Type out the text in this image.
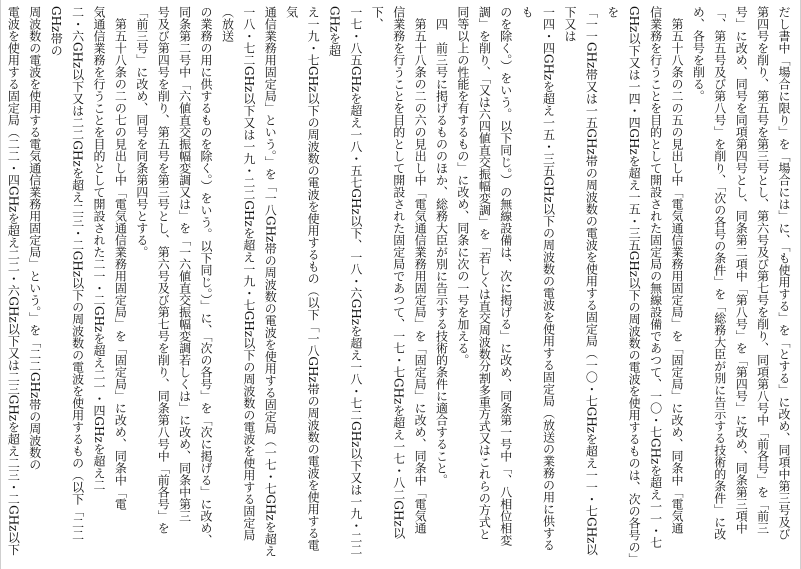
だし書中「場合に限り」を「場合には」に、「も使用する」を「とする」に改め、同項中第三号及び

第四号を削り、第五号を第三号とし、第六号及び第七号を削り、同項第八号中「前各号」を「前三

号」に改め、同号を同項第四号とし、同条第二項中「第八号」を「第四号」に改め、同条第三項中

「、第五号及び第八号」を削り、「次の各号の条件」を「総務大臣が別に告示する技術的条件」に改

め、各号を削る。

第五十八条の二の五の見出し中「電気通信業務用固定局」を「固定局」に改め、同条中「電気通

信業務を行うことを目的として開設された固定局の無線設備であつて、一〇・七GHzを超え一一・七

GHz以下又は一四・四GHzを超え一五・三五GHz以下の周波数の電波を使用するものは、次の各号の」を

「一一GHz帯又は一五GHz帯の周波数の電波を使用する固定局（一〇・七GHzを超え一一・七GHz以下又は

一四・四GHzを超え一五・三五GHz以下の周波数の電波を使用する固定局（放送の業務の用に供するも

のを除く。）をいう。以下同じ。）の無線設備は、次に掲げる」に改め、同条第一号中「、八相位相変

調」を削り、「又は六四値直交振幅変調」を「若しくは直交周波数分割多重方式又はこれらの方式と

同等以上の性能を有するもの」に改め、同条に次の一号を加える。

四　前三号に掲げるもののほか、総務大臣が別に告示する技術的条件に適合すること。

第五十八条の二の六の見出し中「電気通信業務用固定局」を「固定局」に改め、同条中「電気通

信業務を行うことを目的として開設された固定局であつて、一七・七GHzを超え一七・八二GHz以下、

一七・八五GHzを超え一八・五七GHz以下、一八・六GHzを超え一八・七二GHz以下又は一九・二二GHzを超

え一九・七GHz以下の周波数の電波を使用するもの（以下「一八GHz帯の周波数の電波を使用する電気

通信業務用固定局」という。」を「一八GHz帯の周波数の電波を使用する固定局（一七・七GHzを超え

一八・七二GHz以下又は一九・二二GHzを超え一九・七GHz以下の周波数の電波を使用する固定局（放送

の業務の用に供するものを除く。）をいう。以下同じ。）」に、「次の各号」を「次に掲げる」に改め、

同条第二号中「六値直交振幅変調又は」を「一六値直交振幅変調若しくは」に改め、同条中第三

号及び第四号を削り、第五号を第三号とし、第六号及び第七号を削り、同条第八号中「前各号」を

「前三号」に改め、同号を同条第四号とする。

第五十八条の二の七の見出し中「電気通信業務用固定局」を「固定局」に改め、同条中「電

気通信業務を行うことを目的として開設された二一・二GHzを超え二一・四GHzを超え二

二・六GHz以下又は二二GHzを超え二三・二GHz以下の周波数の電波を使用するもの（以下「二二GHz帯の

周波数の電波を使用する電気通信業務用固定局」という。」を「二二GHz帯の周波数の

電波を使用する固定局（二二・四GHzを超え二二・六GHz以下又は二三GHzを超え二三・二GHz以下
